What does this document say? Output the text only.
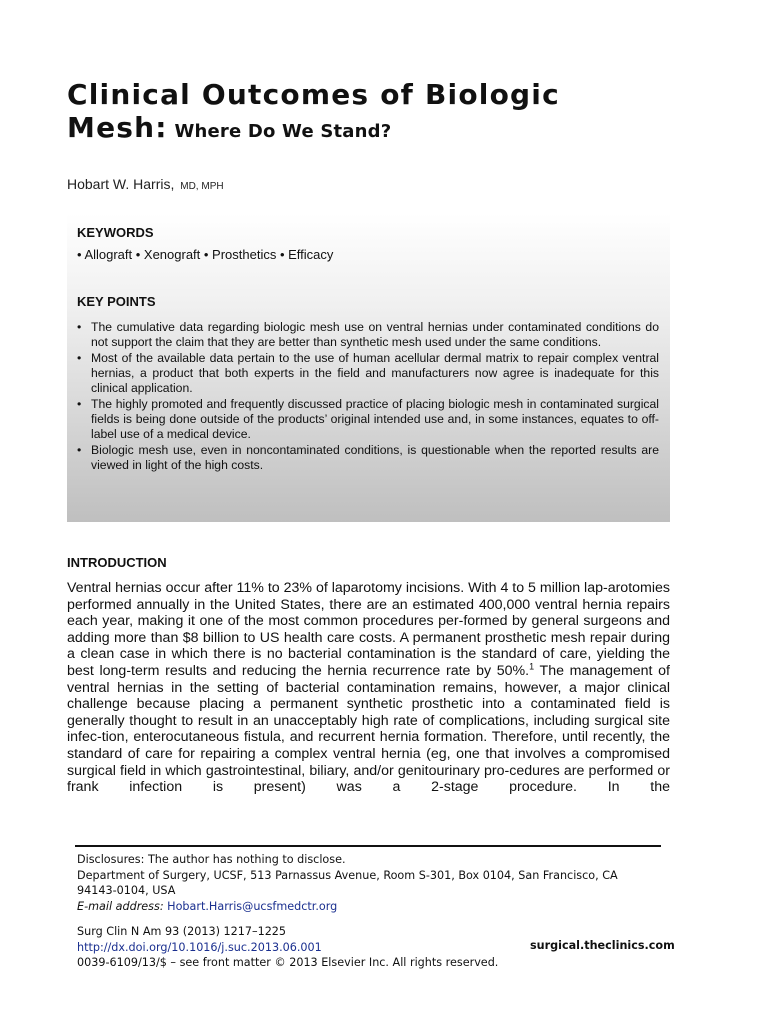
Clinical Outcomes of Biologic
Mesh: Where Do We Stand?
Hobart W. Harris, MD, MPH
KEYWORDS
• Allograft • Xenograft • Prosthetics • Efficacy
KEY POINTS
• The cumulative data regarding biologic mesh use on ventral hernias under contaminated conditions do not support the claim that they are better than synthetic mesh used under the same conditions.
• Most of the available data pertain to the use of human acellular dermal matrix to repair complex ventral hernias, a product that both experts in the field and manufacturers now agree is inadequate for this clinical application.
• The highly promoted and frequently discussed practice of placing biologic mesh in contaminated surgical fields is being done outside of the products’ original intended use and, in some instances, equates to off-label use of a medical device.
• Biologic mesh use, even in noncontaminated conditions, is questionable when the reported results are viewed in light of the high costs.
INTRODUCTION

Ventral hernias occur after 11% to 23% of laparotomy incisions. With 4 to 5 million lap-arotomies performed annually in the United States, there are an estimated 400,000 ventral hernia repairs each year, making it one of the most common procedures per-formed by general surgeons and adding more than $8 billion to US health care costs. A permanent prosthetic mesh repair during a clean case in which there is no bacterial contamination is the standard of care, yielding the best long-term results and reducing the hernia recurrence rate by 50%.$^1$ The management of ventral hernias in the setting of bacterial contamination remains, however, a major clinical challenge because placing a permanent synthetic prosthetic into a contaminated field is generally thought to result in an unacceptably high rate of complications, including surgical site infec-tion, enterocutaneous fistula, and recurrent hernia formation. Therefore, until recently, the standard of care for repairing a complex ventral hernia (eg, one that involves a compromised surgical field in which gastrointestinal, biliary, and/or genitourinary pro-cedures are performed or frank infection is present) was a 2-stage procedure. In the

Disclosures: The author has nothing to disclose.
Department of Surgery, UCSF, 513 Parnassus Avenue, Room S-301, Box 0104, San Francisco, CA
94143-0104, USA
E-mail address: Hobart.Harris@ucsfmedctr.org
Surg Clin N Am 93 (2013) 1217–1225
http://dx.doi.org/10.1016/j.suc.2013.06.001
0039-6109/13/$ – see front matter © 2013 Elsevier Inc. All rights reserved.
surgical.theclinics.com
